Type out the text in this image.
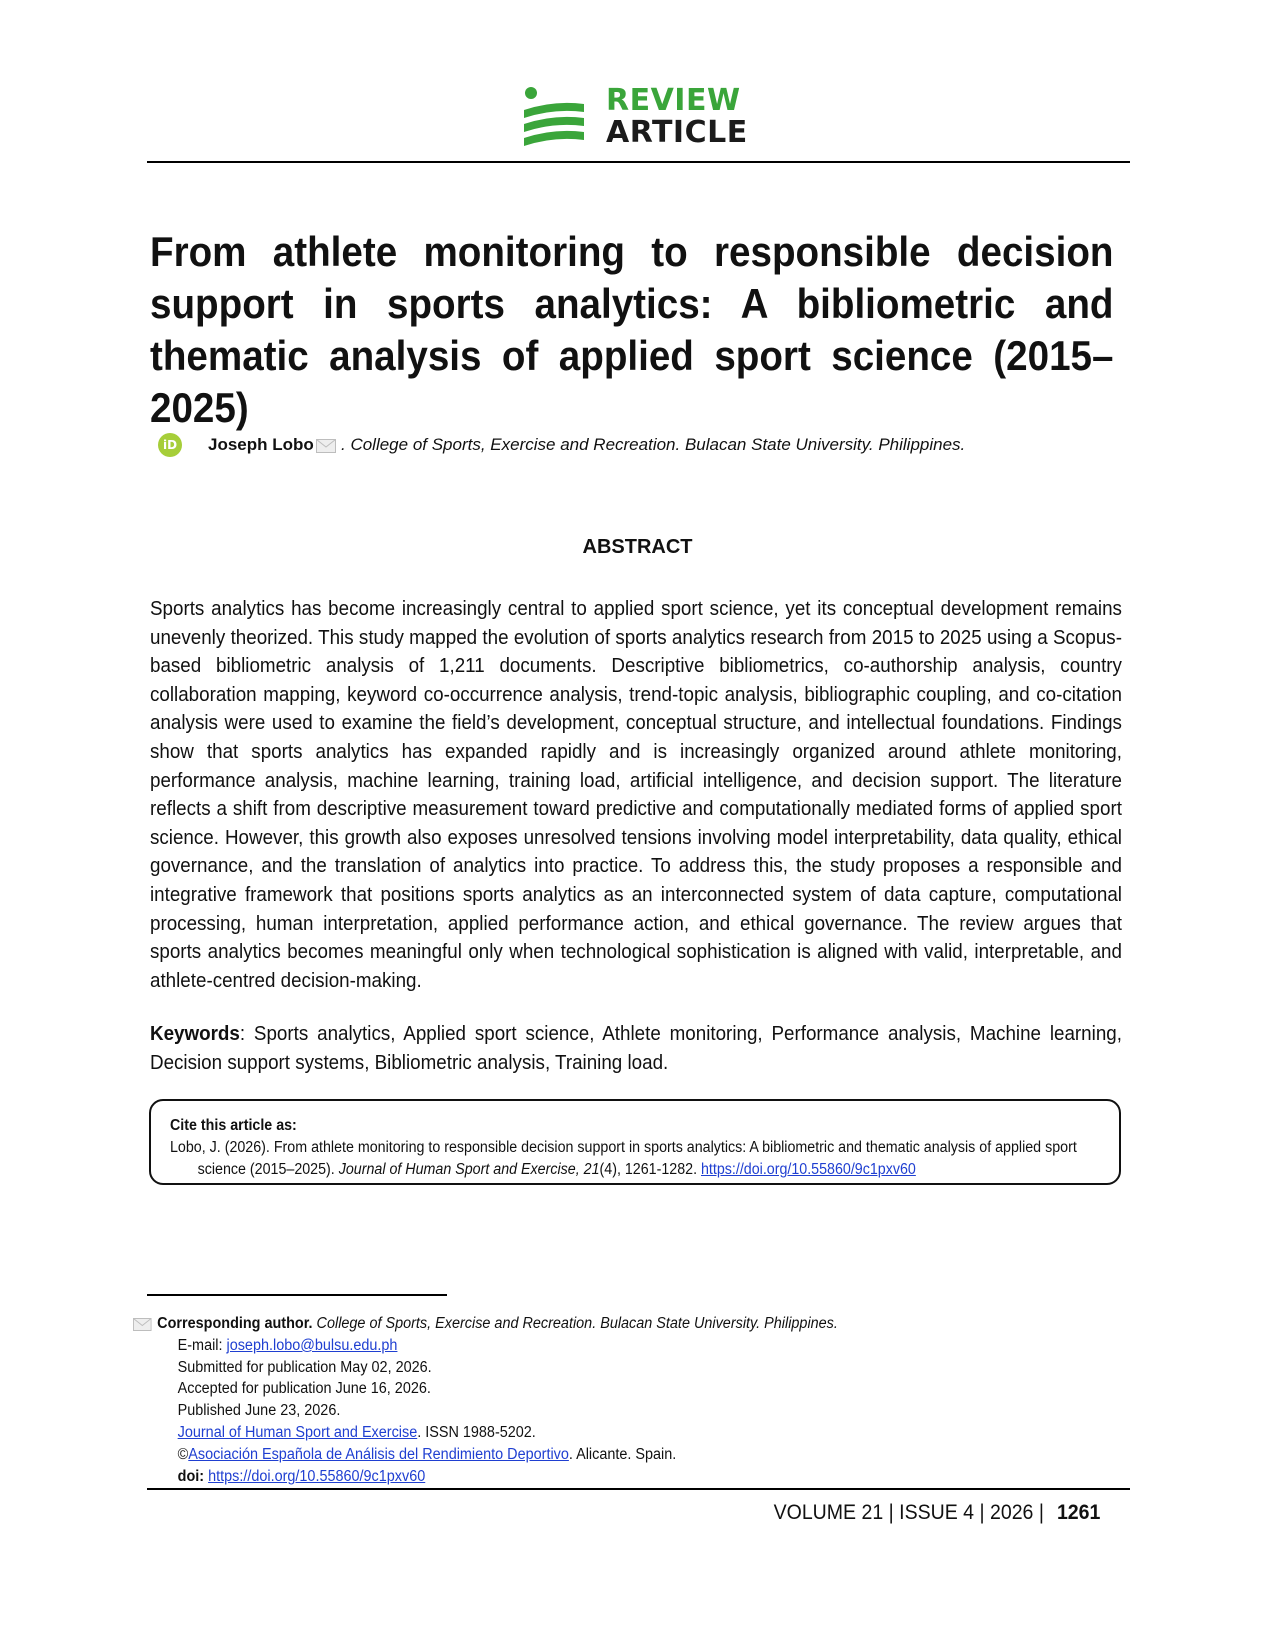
REVIEW
ARTICLE
From athlete monitoring to responsible decision support in sports analytics: A bibliometric and thematic analysis of applied sport science (2015–2025)
iD Joseph Lobo . College of Sports, Exercise and Recreation. Bulacan State University. Philippines.
ABSTRACT
Sports analytics has become increasingly central to applied sport science, yet its conceptual development remains unevenly theorized. This study mapped the evolution of sports analytics research from 2015 to 2025 using a Scopus-based bibliometric analysis of 1,211 documents. Descriptive bibliometrics, co-authorship analysis, country collaboration mapping, keyword co-occurrence analysis, trend-topic analysis, bibliographic coupling, and co-citation analysis were used to examine the field’s development, conceptual structure, and intellectual foundations. Findings show that sports analytics has expanded rapidly and is increasingly organized around athlete monitoring, performance analysis, machine learning, training load, artificial intelligence, and decision support. The literature reflects a shift from descriptive measurement toward predictive and computationally mediated forms of applied sport science. However, this growth also exposes unresolved tensions involving model interpretability, data quality, ethical governance, and the translation of analytics into practice. To address this, the study proposes a responsible and integrative framework that positions sports analytics as an interconnected system of data capture, computational processing, human interpretation, applied performance action, and ethical governance. The review argues that sports analytics becomes meaningful only when technological sophistication is aligned with valid, interpretable, and athlete-centred decision-making.
Keywords: Sports analytics, Applied sport science, Athlete monitoring, Performance analysis, Machine learning, Decision support systems, Bibliometric analysis, Training load.
Cite this article as:
Lobo, J. (2026). From athlete monitoring to responsible decision support in sports analytics: A bibliometric and thematic analysis of applied sport science (2015–2025). Journal of Human Sport and Exercise, 21(4), 1261-1282. https://doi.org/10.55860/9c1pxv60
Corresponding author. College of Sports, Exercise and Recreation. Bulacan State University. Philippines.
E-mail: joseph.lobo@bulsu.edu.ph
Submitted for publication May 02, 2026.
Accepted for publication June 16, 2026.
Published June 23, 2026.
Journal of Human Sport and Exercise. ISSN 1988-5202.
©Asociación Española de Análisis del Rendimiento Deportivo. Alicante. Spain.
doi: https://doi.org/10.55860/9c1pxv60
VOLUME 21 | ISSUE 4 | 2026 | 1261
